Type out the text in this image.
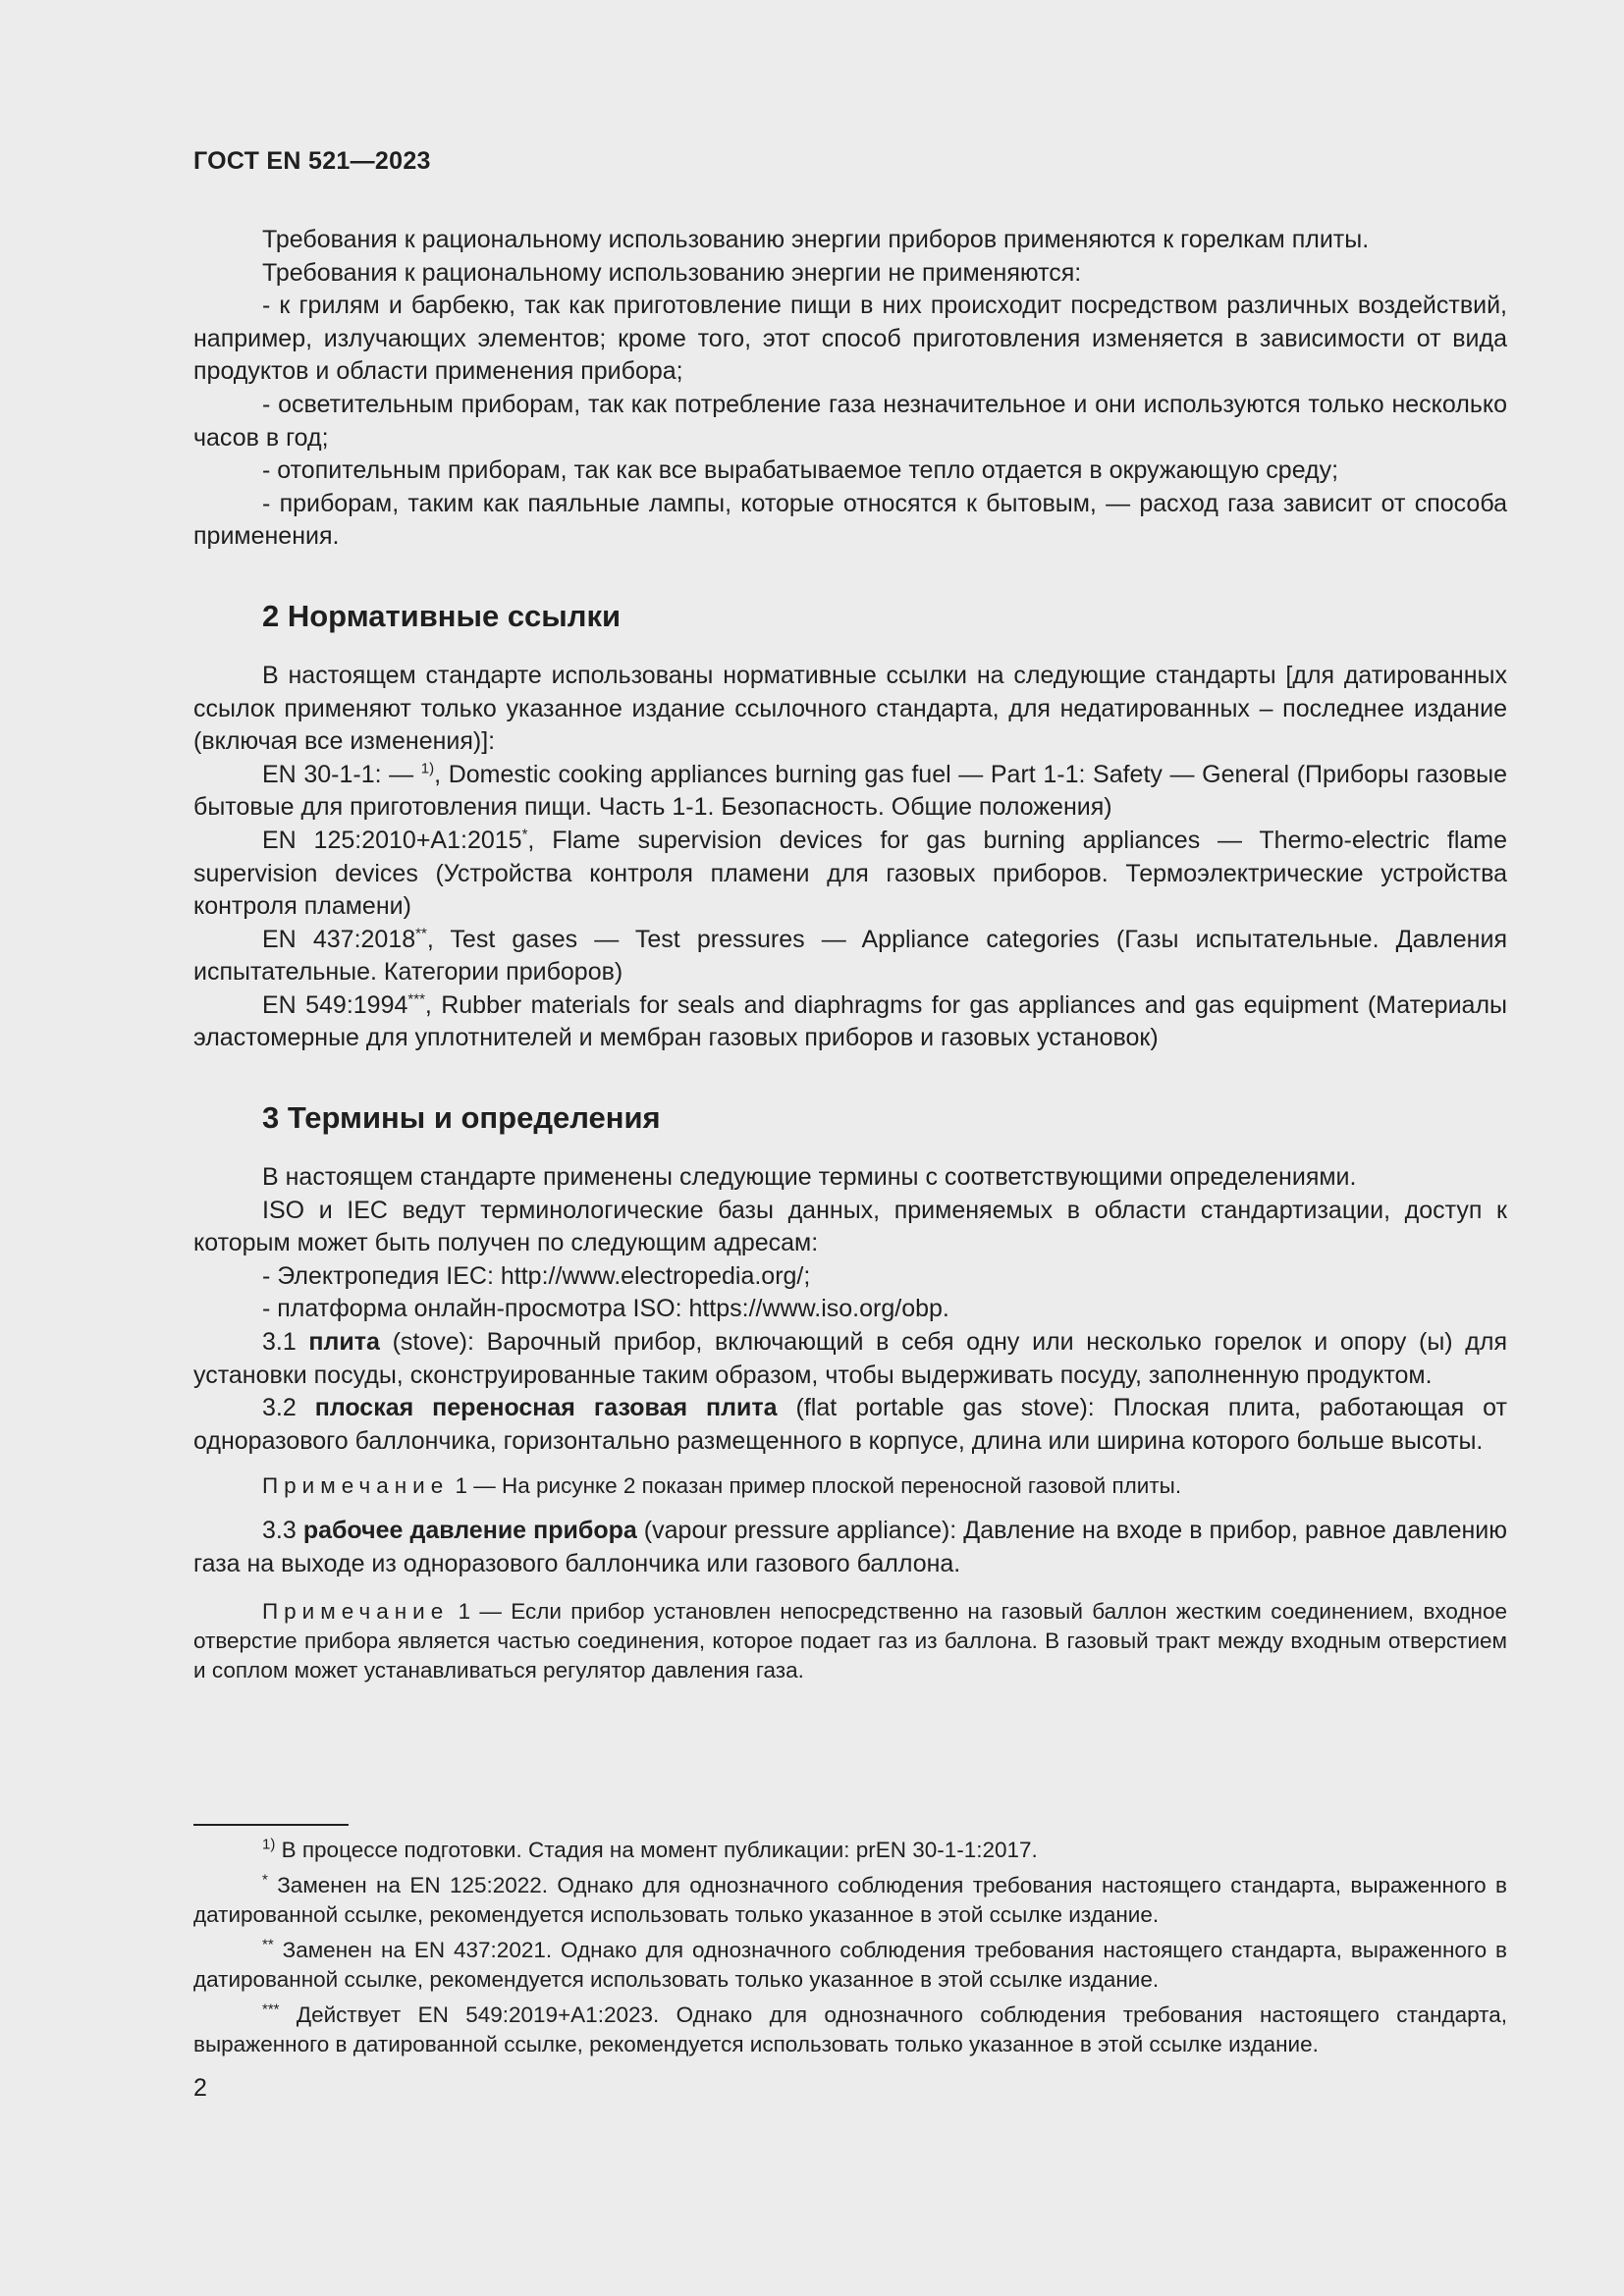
ГОСТ EN 521—2023

Требования к рациональному использованию энергии приборов применяются к горелкам плиты.

Требования к рациональному использованию энергии не применяются:

- к грилям и барбекю, так как приготовление пищи в них происходит посредством различных воздействий, например, излучающих элементов; кроме того, этот способ приготовления изменяется в зависимости от вида продуктов и области применения прибора;

- осветительным приборам, так как потребление газа незначительное и они используются только несколько часов в год;

- отопительным приборам, так как все вырабатываемое тепло отдается в окружающую среду;

- приборам, таким как паяльные лампы, которые относятся к бытовым, — расход газа зависит от способа применения.

2 Нормативные ссылки

В настоящем стандарте использованы нормативные ссылки на следующие стандарты [для датированных ссылок применяют только указанное издание ссылочного стандарта, для недатированных – последнее издание (включая все изменения)]:

EN 30-1-1: — $^{1)}$, Domestic cooking appliances burning gas fuel — Part 1-1: Safety — General (Приборы газовые бытовые для приготовления пищи. Часть 1-1. Безопасность. Общие положения)

EN 125:2010+A1:2015*, Flame supervision devices for gas burning appliances — Thermo-electric flame supervision devices (Устройства контроля пламени для газовых приборов. Термоэлектрические устройства контроля пламени)

EN 437:2018**, Test gases — Test pressures — Appliance categories (Газы испытательные. Давления испытательные. Категории приборов)

EN 549:1994***, Rubber materials for seals and diaphragms for gas appliances and gas equipment (Материалы эластомерные для уплотнителей и мембран газовых приборов и газовых установок)

3 Термины и определения

В настоящем стандарте применены следующие термины с соответствующими определениями.

ISO и IEC ведут терминологические базы данных, применяемых в области стандартизации, доступ к которым может быть получен по следующим адресам:

- Электропедия IEC: http://www.electropedia.org/;

- платформа онлайн-просмотра ISO: https://www.iso.org/obp.

3.1 плита (stove): Варочный прибор, включающий в себя одну или несколько горелок и опору (ы) для установки посуды, сконструированные таким образом, чтобы выдерживать посуду, заполненную продуктом.

3.2 плоская переносная газовая плита (flat portable gas stove): Плоская плита, работающая от одноразового баллончика, горизонтально размещенного в корпусе, длина или ширина которого больше высоты.

Примечание 1 — На рисунке 2 показан пример плоской переносной газовой плиты.

3.3 рабочее давление прибора (vapour pressure appliance): Давление на входе в прибор, равное давлению газа на выходе из одноразового баллончика или газового баллона.

Примечание 1 — Если прибор установлен непосредственно на газовый баллон жестким соединением, входное отверстие прибора является частью соединения, которое подает газ из баллона. В газовый тракт между входным отверстием и соплом может устанавливаться регулятор давления газа.

$^{1)}$ В процессе подготовки. Стадия на момент публикации: prEN 30-1-1:2017.

* Заменен на EN 125:2022. Однако для однозначного соблюдения требования настоящего стандарта, выраженного в датированной ссылке, рекомендуется использовать только указанное в этой ссылке издание.

** Заменен на EN 437:2021. Однако для однозначного соблюдения требования настоящего стандарта, выраженного в датированной ссылке, рекомендуется использовать только указанное в этой ссылке издание.

*** Действует EN 549:2019+A1:2023. Однако для однозначного соблюдения требования настоящего стандарта, выраженного в датированной ссылке, рекомендуется использовать только указанное в этой ссылке издание.

2
